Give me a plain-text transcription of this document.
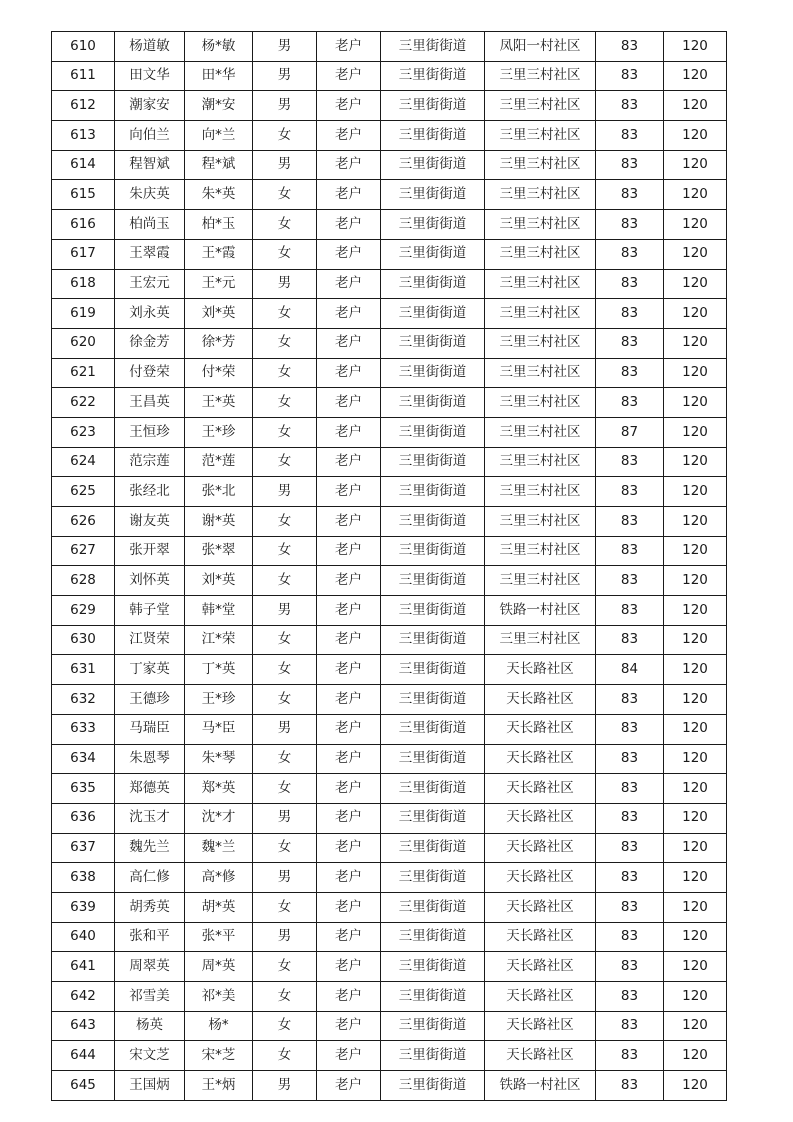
610	杨道敏	杨*敏	男	老户	三里街街道	凤阳一村社区	83	120
611	田文华	田*华	男	老户	三里街街道	三里三村社区	83	120
612	潮家安	潮*安	男	老户	三里街街道	三里三村社区	83	120
613	向伯兰	向*兰	女	老户	三里街街道	三里三村社区	83	120
614	程智斌	程*斌	男	老户	三里街街道	三里三村社区	83	120
615	朱庆英	朱*英	女	老户	三里街街道	三里三村社区	83	120
616	柏尚玉	柏*玉	女	老户	三里街街道	三里三村社区	83	120
617	王翠霞	王*霞	女	老户	三里街街道	三里三村社区	83	120
618	王宏元	王*元	男	老户	三里街街道	三里三村社区	83	120
619	刘永英	刘*英	女	老户	三里街街道	三里三村社区	83	120
620	徐金芳	徐*芳	女	老户	三里街街道	三里三村社区	83	120
621	付登荣	付*荣	女	老户	三里街街道	三里三村社区	83	120
622	王昌英	王*英	女	老户	三里街街道	三里三村社区	83	120
623	王恒珍	王*珍	女	老户	三里街街道	三里三村社区	87	120
624	范宗莲	范*莲	女	老户	三里街街道	三里三村社区	83	120
625	张经北	张*北	男	老户	三里街街道	三里三村社区	83	120
626	谢友英	谢*英	女	老户	三里街街道	三里三村社区	83	120
627	张开翠	张*翠	女	老户	三里街街道	三里三村社区	83	120
628	刘怀英	刘*英	女	老户	三里街街道	三里三村社区	83	120
629	韩子堂	韩*堂	男	老户	三里街街道	铁路一村社区	83	120
630	江贤荣	江*荣	女	老户	三里街街道	三里三村社区	83	120
631	丁家英	丁*英	女	老户	三里街街道	天长路社区	84	120
632	王德珍	王*珍	女	老户	三里街街道	天长路社区	83	120
633	马瑞臣	马*臣	男	老户	三里街街道	天长路社区	83	120
634	朱恩琴	朱*琴	女	老户	三里街街道	天长路社区	83	120
635	郑德英	郑*英	女	老户	三里街街道	天长路社区	83	120
636	沈玉才	沈*才	男	老户	三里街街道	天长路社区	83	120
637	魏先兰	魏*兰	女	老户	三里街街道	天长路社区	83	120
638	高仁修	高*修	男	老户	三里街街道	天长路社区	83	120
639	胡秀英	胡*英	女	老户	三里街街道	天长路社区	83	120
640	张和平	张*平	男	老户	三里街街道	天长路社区	83	120
641	周翠英	周*英	女	老户	三里街街道	天长路社区	83	120
642	祁雪美	祁*美	女	老户	三里街街道	天长路社区	83	120
643	杨英	杨*	女	老户	三里街街道	天长路社区	83	120
644	宋文芝	宋*芝	女	老户	三里街街道	天长路社区	83	120
645	王国炳	王*炳	男	老户	三里街街道	铁路一村社区	83	120
